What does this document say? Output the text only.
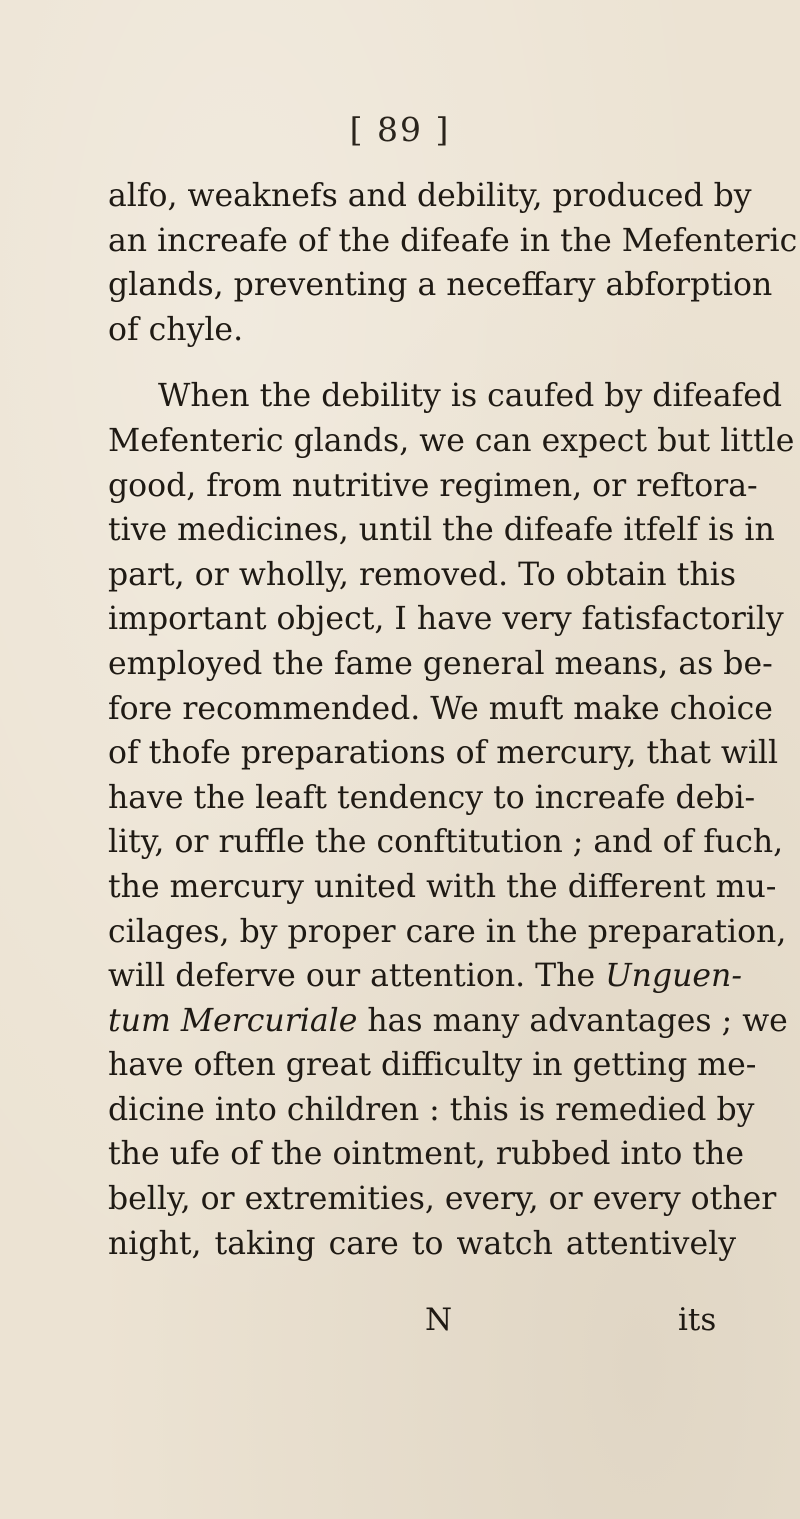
[ 89 ]
alfo, weaknefs and debility, produced by
an increafe of the difeafe in the Mefenteric
glands, preventing a neceffary abforption
of chyle.
When the debility is caufed by difeafed
Mefenteric glands, we can expect but little
good, from nutritive regimen, or reftora-
tive medicines, until the difeafe itfelf is in
part, or wholly, removed. To obtain this
important object, I have very fatisfactorily
employed the fame general means, as be-
fore recommended. We muft make choice
of thofe preparations of mercury, that will
have the leaft tendency to increafe debi-
lity, or ruffle the conftitution ; and of fuch,
the mercury united with the different mu-
cilages, by proper care in the preparation,
will deferve our attention. The Unguen-
tum Mercuriale has many advantages ; we
have often great difficulty in getting me-
dicine into children : this is remedied by
the ufe of the ointment, rubbed into the
belly, or extremities, every, or every other
night, taking care to watch attentively
N	its
